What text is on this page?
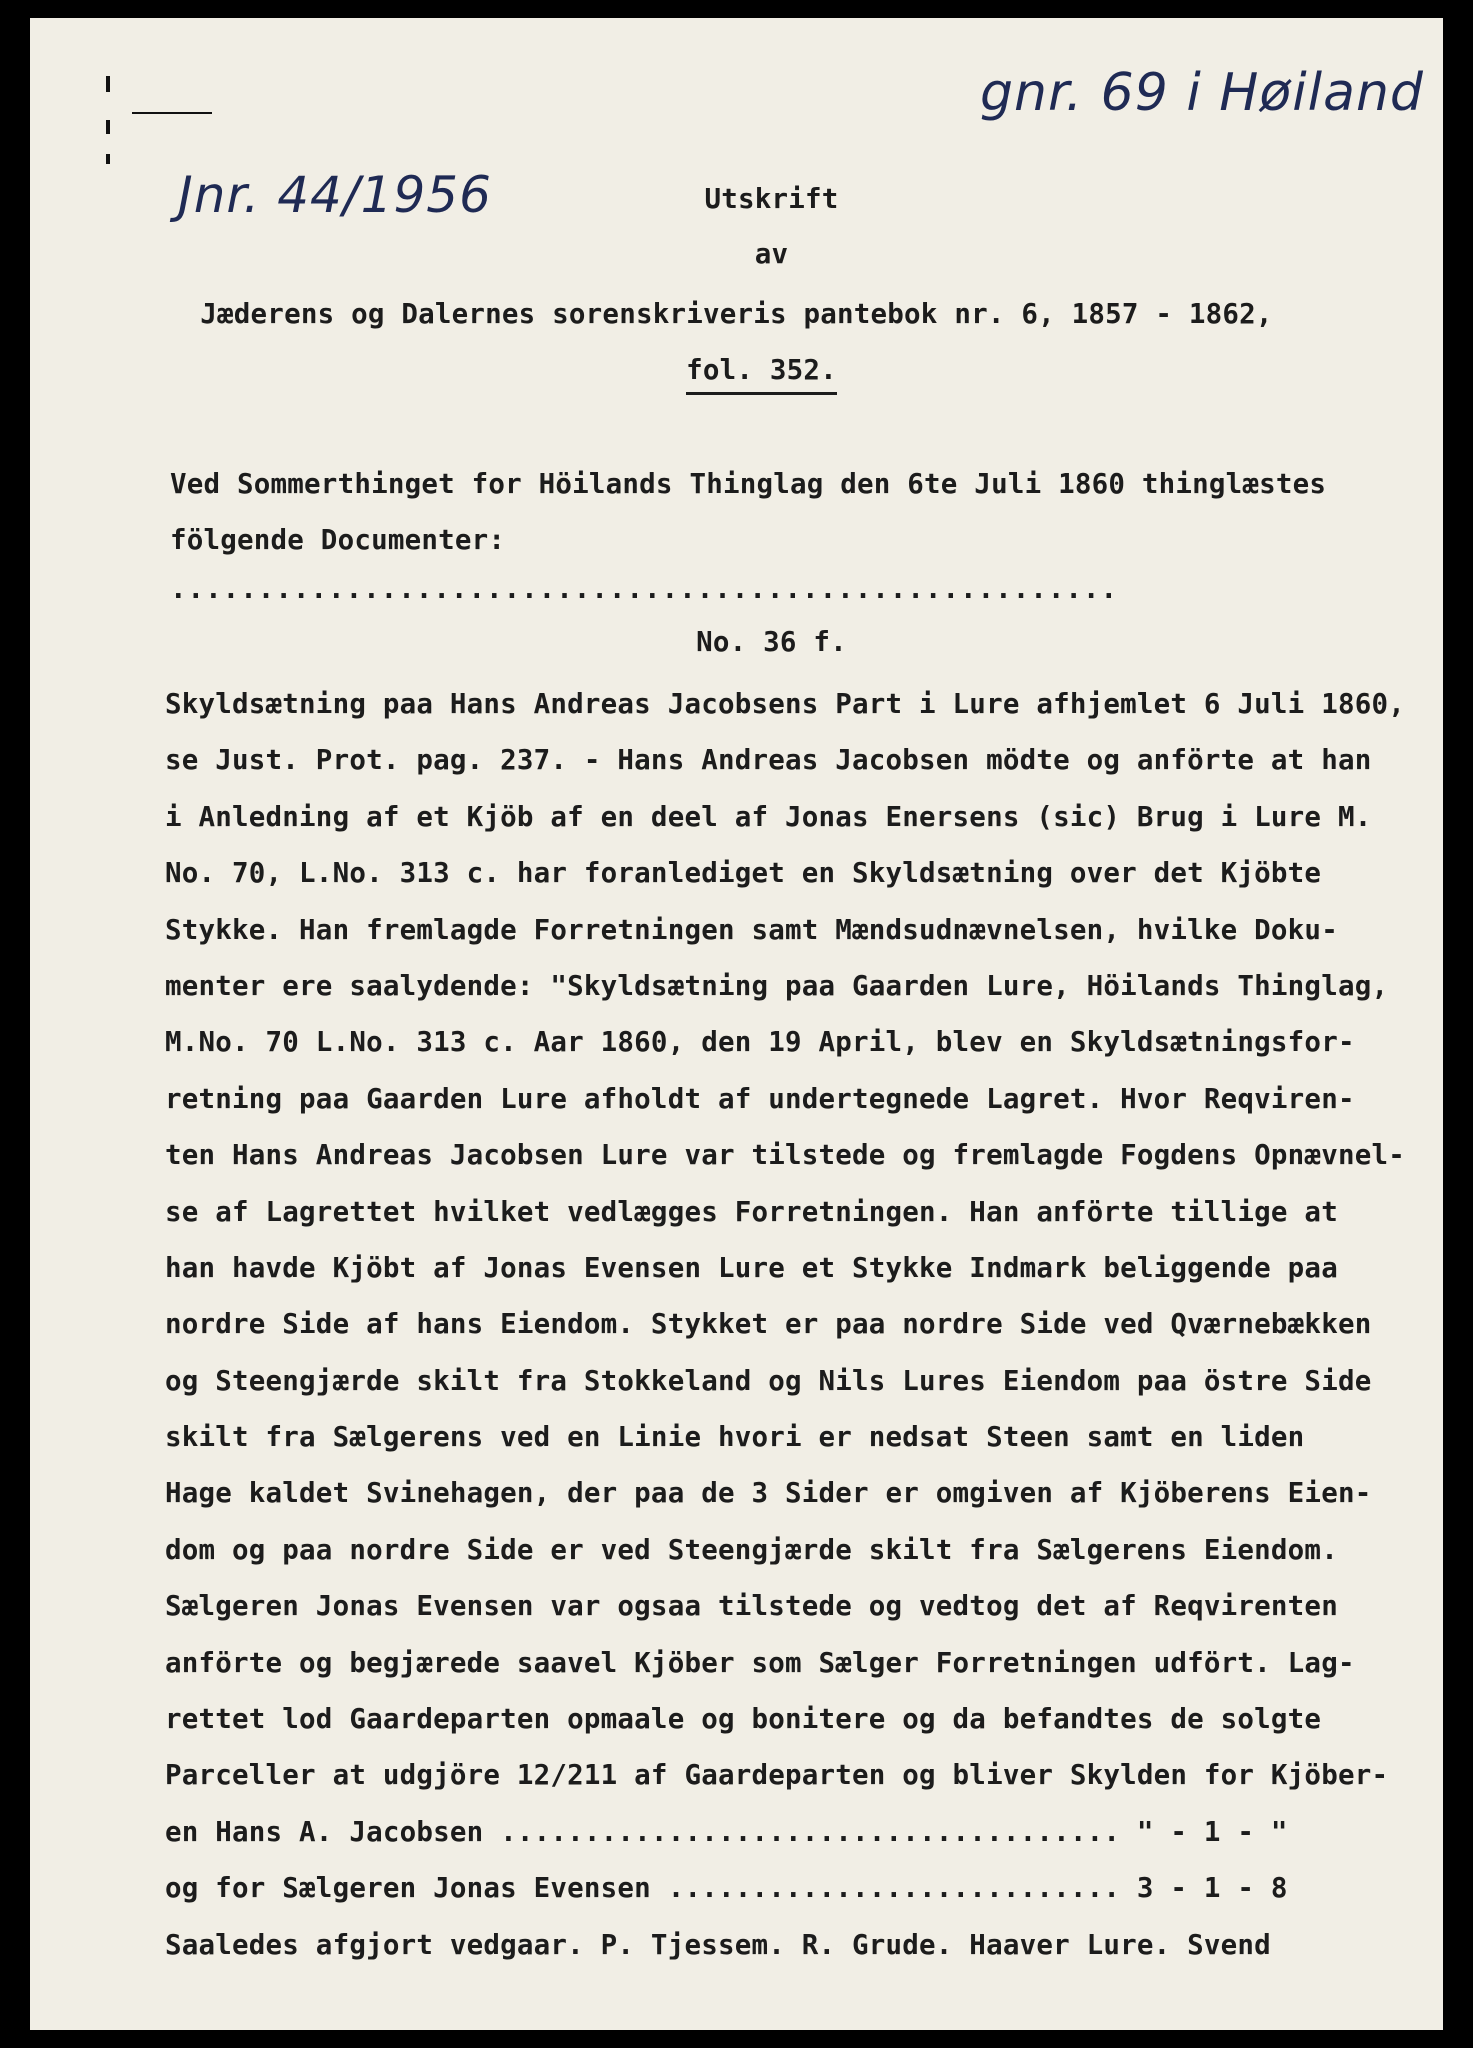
gnr. 69 i Høiland
Jnr. 44/1956	Utskrift
av
Jæderens og Dalernes sorenskriveris pantebok nr. 6, 1857 - 1862,
fol. 352.
Ved Sommerthinget for Höilands Thinglag den 6te Juli 1860 thinglæstes
fölgende Documenter:
......................................................
No. 36 f.
Skyldsætning paa Hans Andreas Jacobsens Part i Lure afhjemlet 6 Juli 1860,
se Just. Prot. pag. 237. - Hans Andreas Jacobsen mödte og anförte at han
i Anledning af et Kjöb af en deel af Jonas Enersens (sic) Brug i Lure M.
No. 70, L.No. 313 c. har foranlediget en Skyldsætning over det Kjöbte
Stykke. Han fremlagde Forretningen samt Mændsudnævnelsen, hvilke Doku-
menter ere saalydende: "Skyldsætning paa Gaarden Lure, Höilands Thinglag,
M.No. 70 L.No. 313 c. Aar 1860, den 19 April, blev en Skyldsætningsfor-
retning paa Gaarden Lure afholdt af undertegnede Lagret. Hvor Reqviren-
ten Hans Andreas Jacobsen Lure var tilstede og fremlagde Fogdens Opnævnel-
se af Lagrettet hvilket vedlægges Forretningen. Han anförte tillige at
han havde Kjöbt af Jonas Evensen Lure et Stykke Indmark beliggende paa
nordre Side af hans Eiendom. Stykket er paa nordre Side ved Qværnebækken
og Steengjærde skilt fra Stokkeland og Nils Lures Eiendom paa östre Side
skilt fra Sælgerens ved en Linie hvori er nedsat Steen samt en liden
Hage kaldet Svinehagen, der paa de 3 Sider er omgiven af Kjöberens Eien-
dom og paa nordre Side er ved Steengjærde skilt fra Sælgerens Eiendom.
Sælgeren Jonas Evensen var ogsaa tilstede og vedtog det af Reqvirenten
anförte og begjærede saavel Kjöber som Sælger Forretningen udfört. Lag-
rettet lod Gaardeparten opmaale og bonitere og da befandtes de solgte
Parceller at udgjöre 12/211 af Gaardeparten og bliver Skylden for Kjöber-
en Hans A. Jacobsen ..................................... " - 1 - "
og for Sælgeren Jonas Evensen ........................... 3 - 1 - 8
Saaledes afgjort vedgaar. P. Tjessem. R. Grude. Haaver Lure. Svend
